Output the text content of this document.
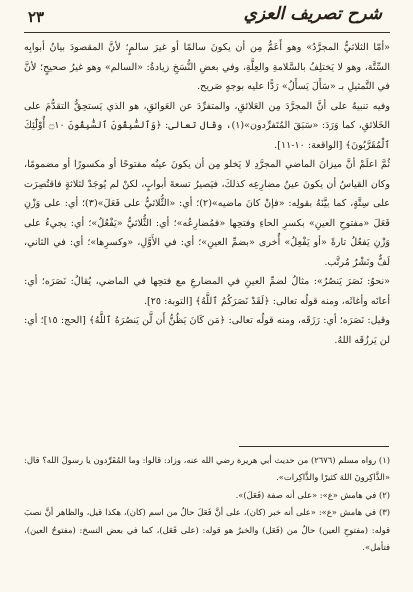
٢٣	شرح تصريف العزي

«أمّا الثلاثيُّ المجرَّدُ» وهو أَعَمُّ مِن أن يكونَ سالمًا أو غيرَ سالمٍ؛ لأنَّ المقصودَ بيانُ أبوابِه السِّتَّة، وهو لا يَختلِفُ بالسَّلامةِ والعِلَّةِ، وفي بعضِ النُّسَخِ زيادةُ: «السالم» وهو غيرُ صحيحٍ؛ لأنَّ في التَّمثيلِ بـ «سَأَلَ يَسأَلُ» رَدًّا عليه بوجهٍ صَريح.

وفيه تنبيهٌ على أنَّ المجرَّدَ مِن العَلائقِ، والمتفرِّدَ عن العَوائقِ، هو الذي يَستحِقُّ التقدُّمَ على الخَلائقِ، كما وَرَدَ: «سَبَقَ المُتَفرِّدون»(١)، وقال تعالى: ﴿وَٱلسَّٰبِقُونَ ٱلسَّٰبِقُونَ ۝١٠ أُوْلَٰٓئِكَ ٱلْمُقَرَّبُونَ﴾ [الواقعة: ١٠-١١].

ثُمَّ اعلَمْ أنَّ ميزانَ الماضي المجرَّدِ لا يَخلو مِن أن يكونَ عينُه مفتوحًا أو مكسورًا أو مضمومًا، وكان القياسُ أن يكونَ عينُ مضارِعِه كذلكَ، فيَصيرُ تسعةَ أبوابٍ، لكنْ لم يُوجَدْ لثلاثةٍ فاقتُصِرَت على سِتَّةٍ، كما بيَّنَهُ بقولِه: «فإنْ كانَ ماضيه»(٢)؛ أي: «الثُّلاثيُّ على فَعَلَ»(٣)؛ أي: على وَزْنِ فَعَلَ «مفتوحِ العينِ» بكسرِ الحاءِ وفتحِها «فمُضارِعُه»؛ أي: الثُّلاثيُّ «يَفْعُلُ»؛ أي: يجيءُ على وَزْنِ يَفعُلُ تارةً «أو يَفْعِلُ» أُخرى «بضمِّ العينِ»؛ أي: في الأَوَّلِ، «وكسرِها»؛ أي: في الثاني، لَفٌّ ونَشْرٌ مُرتَّب.

«نحوُ: نَصَرَ يَنصُرُ»: مثالُ لضمِّ العينِ في المضارعِ مع فتحِها في الماضي، يُقالُ: نَصَرَه؛ أي: أعانَه وأغاثَه، ومنه قولُه تعالى: ﴿لَقَدْ نَصَرَكُمُ ٱللَّهُ﴾ [التوبة: ٢٥].

وقيل: نَصَرَه؛ أي: رَزَقَه، ومنه قولُه تعالى: ﴿مَن كَانَ يَظُنُّ أَن لَّن يَنصُرَهُ ٱللَّهُ﴾ [الحج: ١٥]؛ أي: لن يَرزُقَه اللهُ.

(١) رواه مسلم (٢٦٧٦) من حديث أبي هريرة رضي الله عنه، وزاد: قالوا: وما المُفَرِّدون يا رسولَ الله؟ قال: «الذَّاكِرونَ اللهَ كثيرًا والذَّاكِرات».

(٢) في هامش «ع»: «على أنه صفة (فَعَلَ)».

(٣) في هامش «ع»: «على أنه خبر (كان)، على أنَّ فَعَلَ حالٌ من اسم (كان)، هكذا قيل، والظاهر أنَّ نصبَ قوله: (مفتوحِ العين) حالٌ من (فَعَل) والخبرُ هو قوله: (على فَعَل)، كما في بعض النسخ: (مفتوحُ العين)، فتأمل».
